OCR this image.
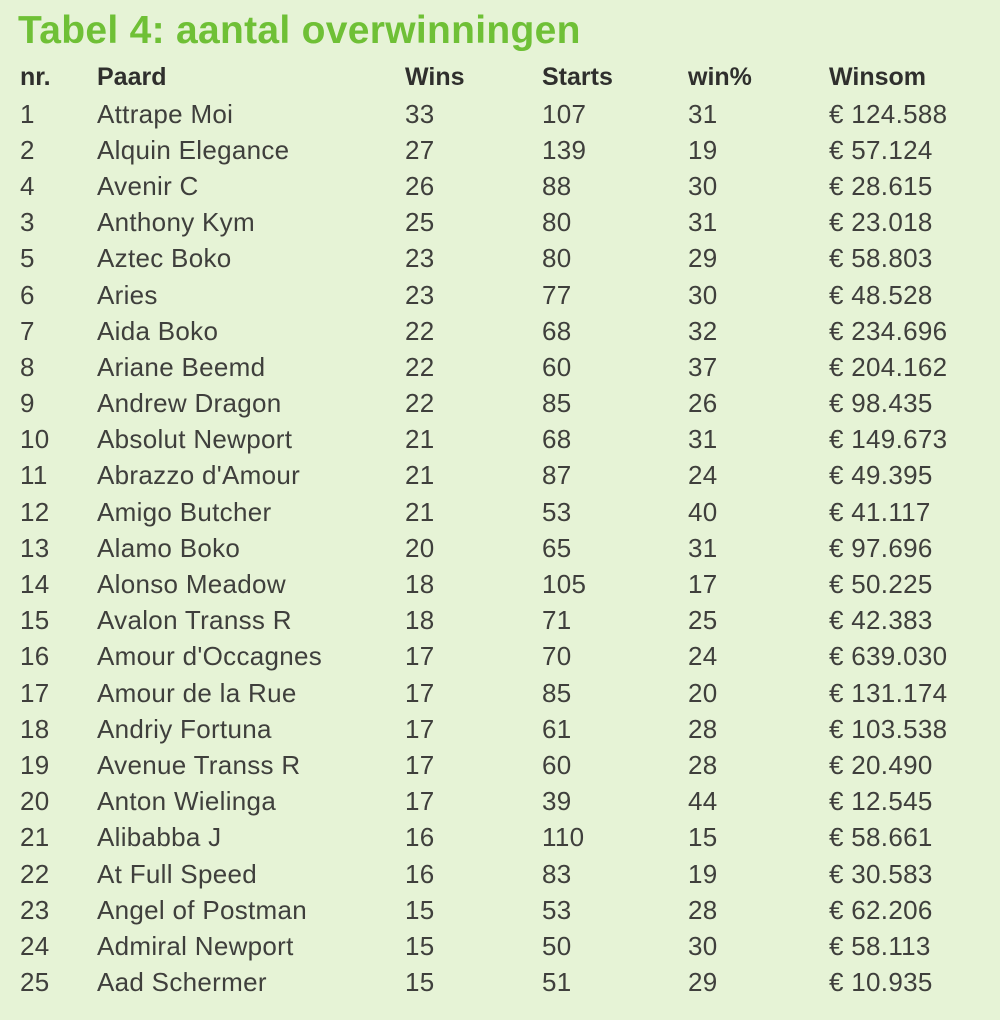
Tabel 4: aantal overwinningen
nr.	Paard	Wins	Starts	win%	Winsom
1	Attrape Moi	33	107	31	€ 124.588
2	Alquin Elegance	27	139	19	€ 57.124
4	Avenir C	26	88	30	€ 28.615
3	Anthony Kym	25	80	31	€ 23.018
5	Aztec Boko	23	80	29	€ 58.803
6	Aries	23	77	30	€ 48.528
7	Aida Boko	22	68	32	€ 234.696
8	Ariane Beemd	22	60	37	€ 204.162
9	Andrew Dragon	22	85	26	€ 98.435
10	Absolut Newport	21	68	31	€ 149.673
11	Abrazzo d'Amour	21	87	24	€ 49.395
12	Amigo Butcher	21	53	40	€ 41.117
13	Alamo Boko	20	65	31	€ 97.696
14	Alonso Meadow	18	105	17	€ 50.225
15	Avalon Transs R	18	71	25	€ 42.383
16	Amour d'Occagnes	17	70	24	€ 639.030
17	Amour de la Rue	17	85	20	€ 131.174
18	Andriy Fortuna	17	61	28	€ 103.538
19	Avenue Transs R	17	60	28	€ 20.490
20	Anton Wielinga	17	39	44	€ 12.545
21	Alibabba J	16	110	15	€ 58.661
22	At Full Speed	16	83	19	€ 30.583
23	Angel of Postman	15	53	28	€ 62.206
24	Admiral Newport	15	50	30	€ 58.113
25	Aad Schermer	15	51	29	€ 10.935
